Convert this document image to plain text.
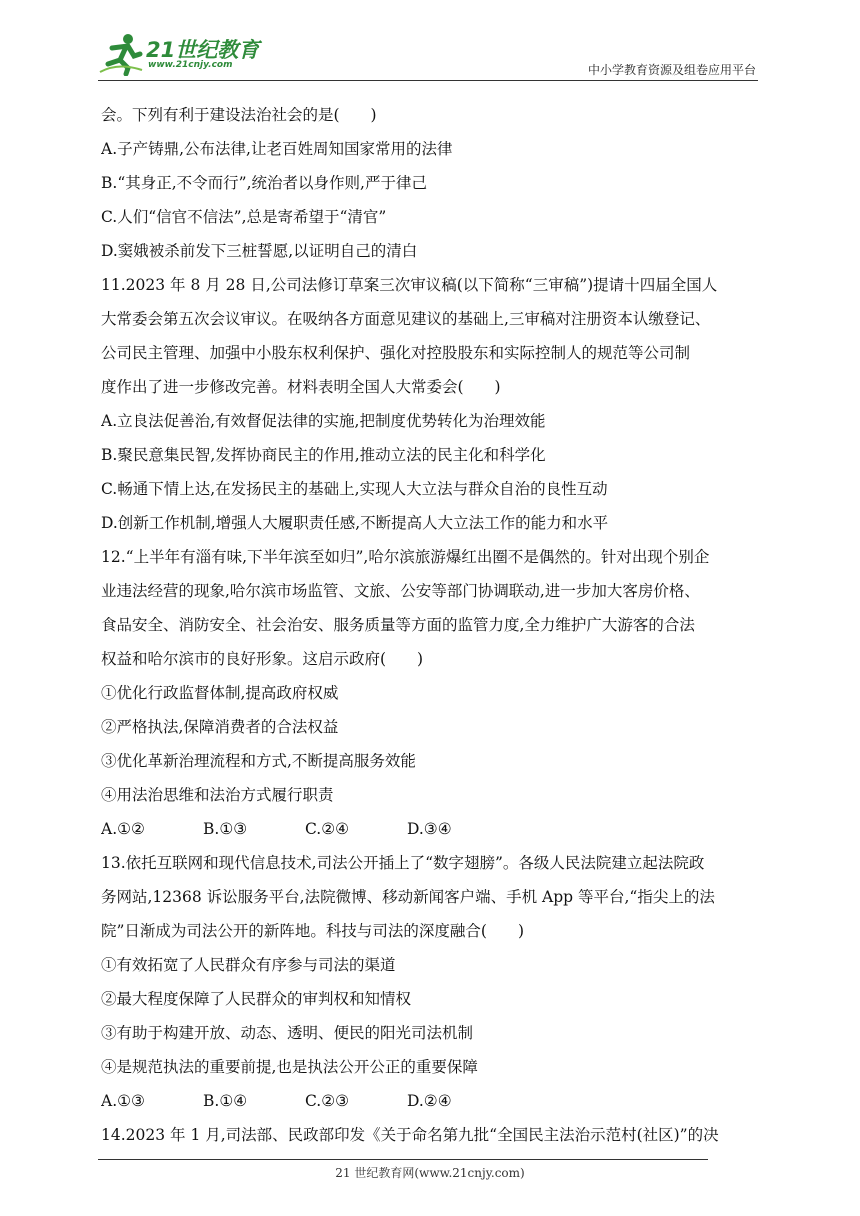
21世纪教育
www.21cnjy.com	中小学教育资源及组卷应用平台
会。下列有利于建设法治社会的是(　　)
A.子产铸鼎,公布法律,让老百姓周知国家常用的法律
B.“其身正,不令而行”,统治者以身作则,严于律己
C.人们“信官不信法”,总是寄希望于“清官”
D.窦娥被杀前发下三桩誓愿,以证明自己的清白
11.2023 年 8 月 28 日,公司法修订草案三次审议稿(以下简称“三审稿”)提请十四届全国人
大常委会第五次会议审议。在吸纳各方面意见建议的基础上,三审稿对注册资本认缴登记、
公司民主管理、加强中小股东权利保护、强化对控股股东和实际控制人的规范等公司制
度作出了进一步修改完善。材料表明全国人大常委会(　　)
A.立良法促善治,有效督促法律的实施,把制度优势转化为治理效能
B.聚民意集民智,发挥协商民主的作用,推动立法的民主化和科学化
C.畅通下情上达,在发扬民主的基础上,实现人大立法与群众自治的良性互动
D.创新工作机制,增强人大履职责任感,不断提高人大立法工作的能力和水平
12.“上半年有淄有味,下半年滨至如归”,哈尔滨旅游爆红出圈不是偶然的。针对出现个别企
业违法经营的现象,哈尔滨市场监管、文旅、公安等部门协调联动,进一步加大客房价格、
食品安全、消防安全、社会治安、服务质量等方面的监管力度,全力维护广大游客的合法
权益和哈尔滨市的良好形象。这启示政府(　　)
①优化行政监督体制,提高政府权威
②严格执法,保障消费者的合法权益
③优化革新治理流程和方式,不断提高服务效能
④用法治思维和法治方式履行职责
A.①②	B.①③	C.②④	D.③④
13.依托互联网和现代信息技术,司法公开插上了“数字翅膀”。各级人民法院建立起法院政
务网站,12368 诉讼服务平台,法院微博、移动新闻客户端、手机 App 等平台,“指尖上的法
院”日渐成为司法公开的新阵地。科技与司法的深度融合(　　)
①有效拓宽了人民群众有序参与司法的渠道
②最大程度保障了人民群众的审判权和知情权
③有助于构建开放、动态、透明、便民的阳光司法机制
④是规范执法的重要前提,也是执法公开公正的重要保障
A.①③	B.①④	C.②③	D.②④
14.2023 年 1 月,司法部、民政部印发《关于命名第九批“全国民主法治示范村(社区)”的决
21 世纪教育网(www.21cnjy.com)
